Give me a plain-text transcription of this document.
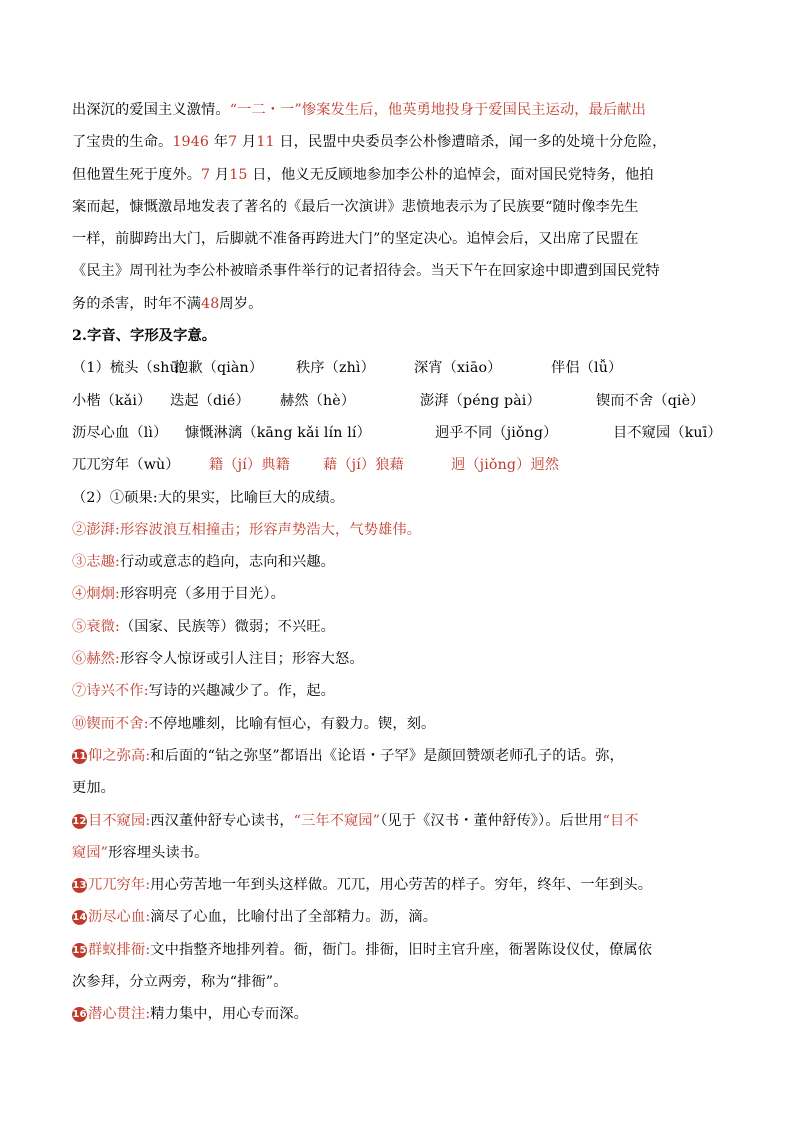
出深沉的爱国主义激情。“一二・一”惨案发生后，他英勇地投身于爱国民主运动，最后献出
了宝贵的生命。1946 年7 月11 日，民盟中央委员李公朴惨遭暗杀，闻一多的处境十分危险，
但他置生死于度外。7 月15 日，他义无反顾地参加李公朴的追悼会，面对国民党特务，他拍
案而起，慷慨激昂地发表了著名的《最后一次演讲》悲愤地表示为了民族要“随时像李先生
一样，前脚跨出大门，后脚就不准备再跨进大门”的坚定决心。追悼会后，又出席了民盟在
《民主》周刊社为李公朴被暗杀事件举行的记者招待会。当天下午在回家途中即遭到国民党特
务的杀害，时年不满48周岁。
2.字音、字形及字意。
（1）梳头（shū）抱歉（qiàn） 秩序（zhì）	深宵（xiāo）	伴侣（lǚ）
小楷（kǎi） 迭起（dié） 赫然（hè）	澎湃（péng pài）	锲而不舍（qiè）
沥尽心血（lì） 慷慨淋漓（kāng kǎi lín lí）	迥乎不同（jiǒng）	目不窥园（kuī）
兀兀穷年（wù） 籍（jí）典籍 藉（jí）狼藉	迥（jiǒng）迥然
（2）①硕果:大的果实，比喻巨大的成绩。
②澎湃:形容波浪互相撞击；形容声势浩大，气势雄伟。
③志趣:行动或意志的趋向，志向和兴趣。
④炯炯:形容明亮（多用于目光）。
⑤衰微:（国家、民族等）微弱；不兴旺。
⑥赫然:形容令人惊讶或引人注目；形容大怒。
⑦诗兴不作:写诗的兴趣减少了。作，起。
⑩锲而不舍:不停地雕刻，比喻有恒心，有毅力。锲，刻。
11仰之弥高:和后面的“钻之弥坚”都语出《论语・子罕》是颜回赞颂老师孔子的话。弥，
更加。
12目不窥园:西汉董仲舒专心读书，“三年不窥园”（见于《汉书・董仲舒传》）。后世用“目不
窥园”形容埋头读书。
13兀兀穷年:用心劳苦地一年到头这样做。兀兀，用心劳苦的样子。穷年，终年、一年到头。
14沥尽心血:滴尽了心血，比喻付出了全部精力。沥，滴。
15群蚁排衙:文中指整齐地排列着。衙，衙门。排衙，旧时主官升座，衙署陈设仪仗，僚属依
次参拜，分立两旁，称为“排衙”。
16潜心贯注:精力集中，用心专而深。
